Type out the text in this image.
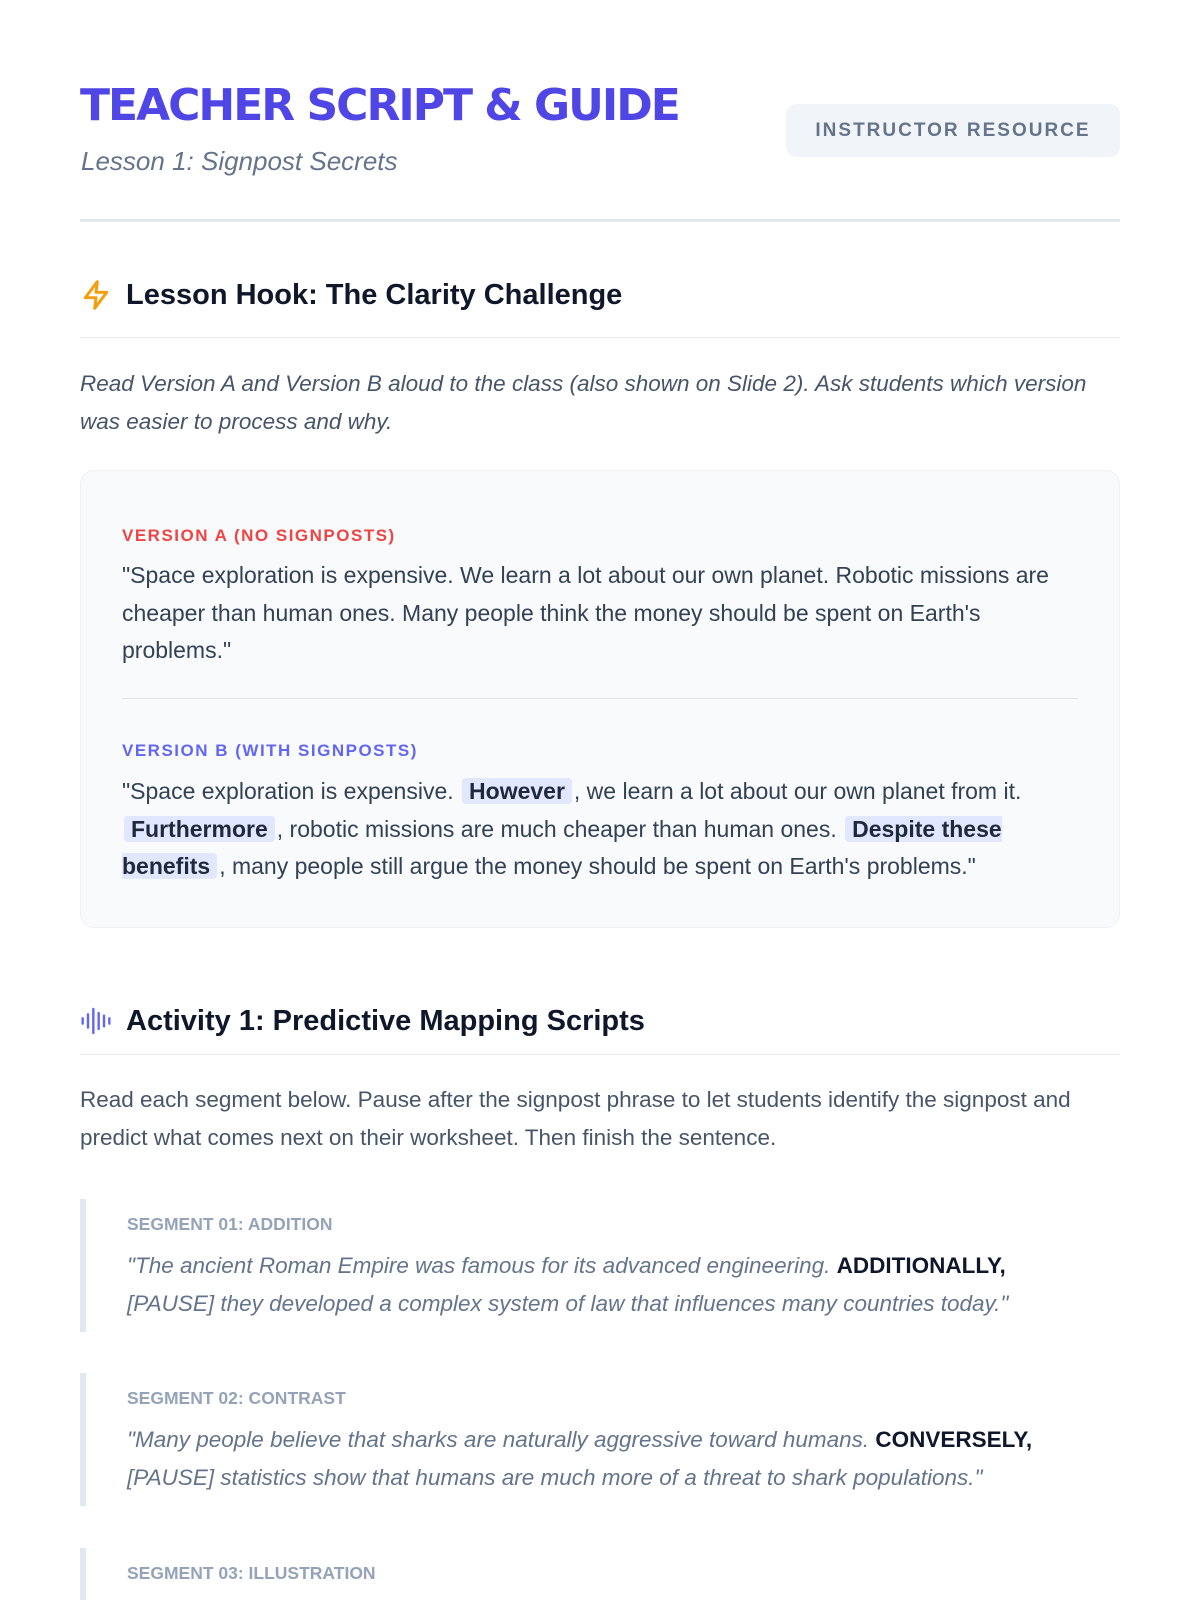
TEACHER SCRIPT & GUIDE
Lesson 1: Signpost Secrets
INSTRUCTOR RESOURCE
Lesson Hook: The Clarity Challenge

Read Version A and Version B aloud to the class (also shown on Slide 2). Ask students which version was easier to process and why.

VERSION A (NO SIGNPOSTS)

"Space exploration is expensive. We learn a lot about our own planet. Robotic missions are cheaper than human ones. Many people think the money should be spent on Earth's problems."

VERSION B (WITH SIGNPOSTS)

"Space exploration is expensive. However , we learn a lot about our own planet from it. Furthermore , robotic missions are much cheaper than human ones. Despite these benefits , many people still argue the money should be spent on Earth's problems."

Activity 1: Predictive Mapping Scripts

Read each segment below. Pause after the signpost phrase to let students identify the signpost and predict what comes next on their worksheet. Then finish the sentence.

SEGMENT 01: ADDITION

"The ancient Roman Empire was famous for its advanced engineering. ADDITIONALLY,
[PAUSE] they developed a complex system of law that influences many countries today."

SEGMENT 02: CONTRAST

"Many people believe that sharks are naturally aggressive toward humans. CONVERSELY,
[PAUSE] statistics show that humans are much more of a threat to shark populations."

SEGMENT 03: ILLUSTRATION
